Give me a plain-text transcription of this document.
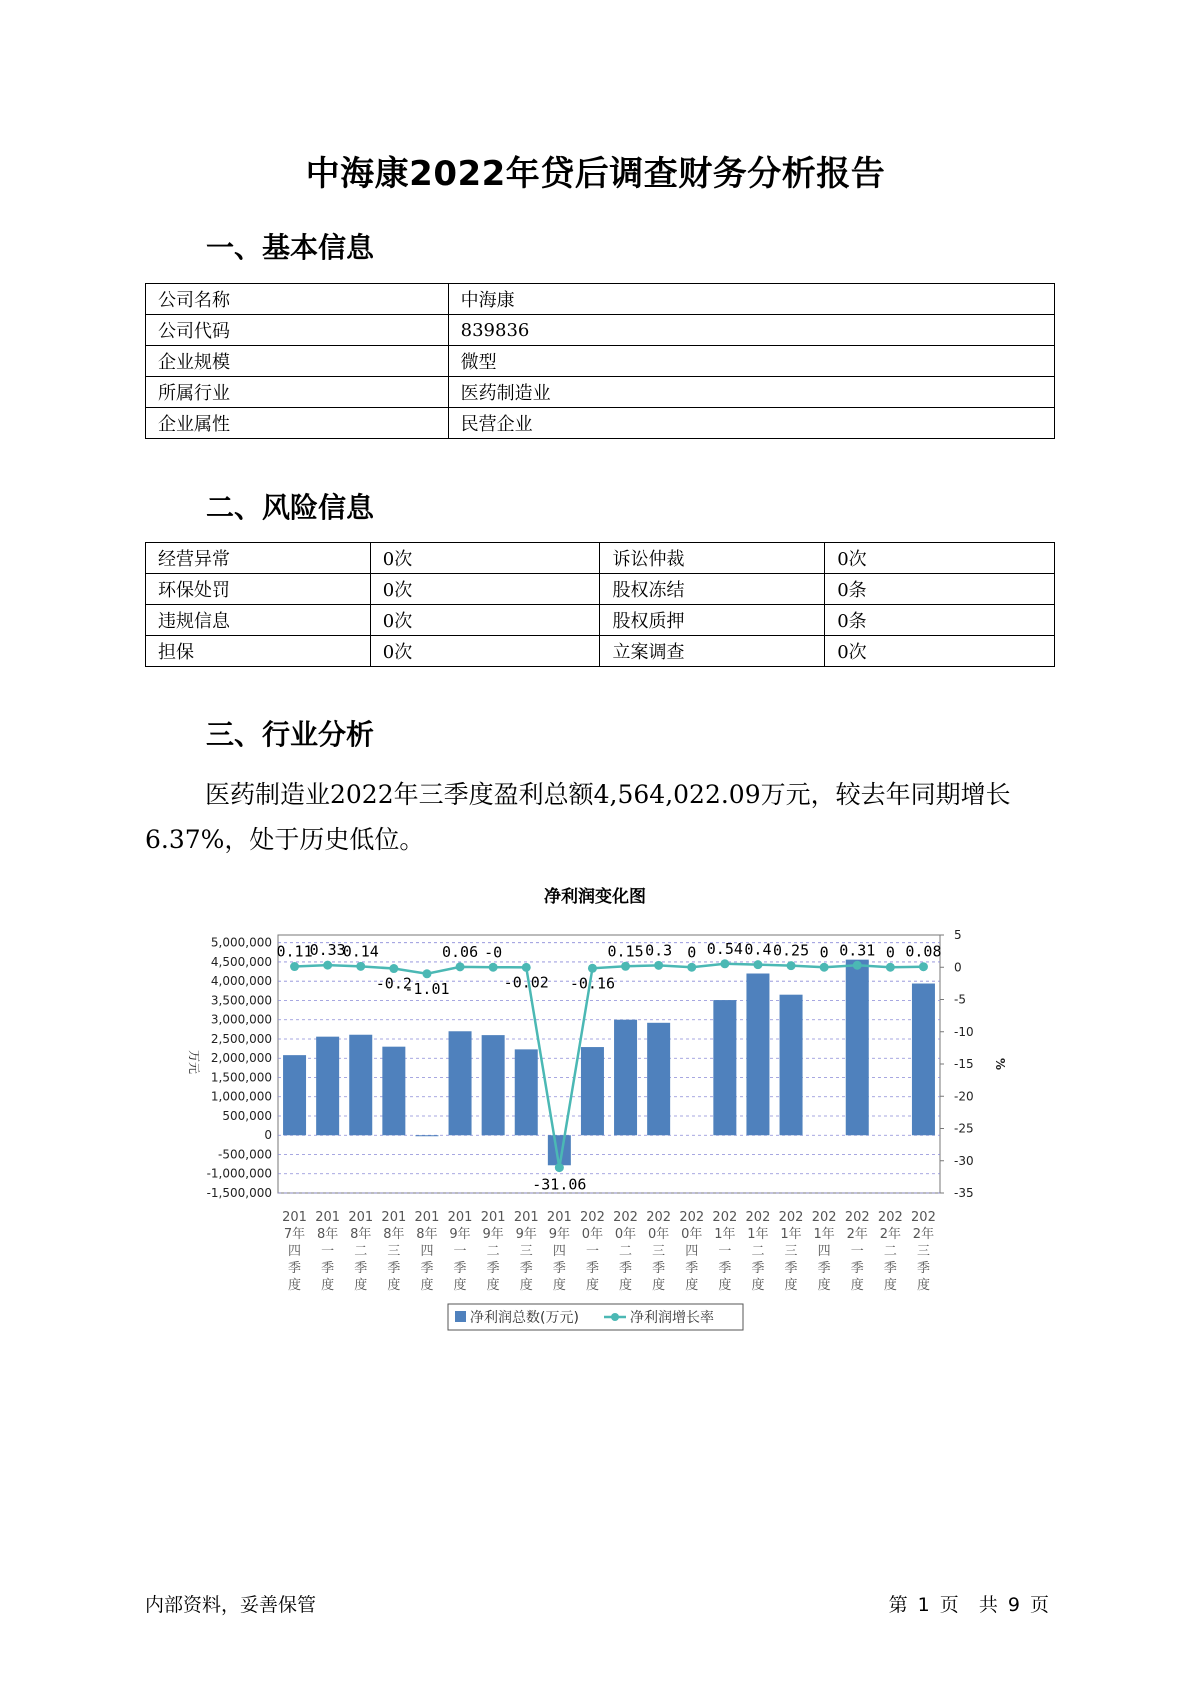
中海康2022年贷后调查财务分析报告
一、基本信息
公司名称	中海康
公司代码	839836
企业规模	微型
所属行业	医药制造业
企业属性	民营企业
二、风险信息
经营异常	0次	诉讼仲裁	0次
环保处罚	0次	股权冻结	0条
违规信息	0次	股权质押	0条
担保	0次	立案调查	0次
三、行业分析
医药制造业2022年三季度盈利总额4,564,022.09万元，较去年同期增长6.37%，处于历史低位。
净利润变化图
5,000,000
4,500,000
4,000,000
3,500,000
3,000,000
2,500,000
2,000,000
1,500,000
1,000,000
500,000
0
-500,000
-1,000,000
-1,500,000
5
0
-5
-10
-15
-20
-25
-30
-35
万元	%
0.11
0.33
0.14
-0.2
-1.01
0.06 -0
-0.02
-31.06
-0.16
0.15 0.3 0 0.54 0.4 0.25 0 0.31 0 0.08
201 7年四季度
201 8年一季度
201 8年二季度
201 8年三季度
201 8年四季度
201 9年一季度
201 9年二季度
201 9年三季度
201 9年四季度
202 0年一季度
202 0年二季度
202 0年三季度
202 0年四季度
202 1年一季度
202 1年二季度
202 1年三季度
202 1年四季度
202 2年一季度
202 2年二季度
202 2年三季度
净利润总数(万元)	净利润增长率
内部资料，妥善保管	第 1 页  共 9 页
